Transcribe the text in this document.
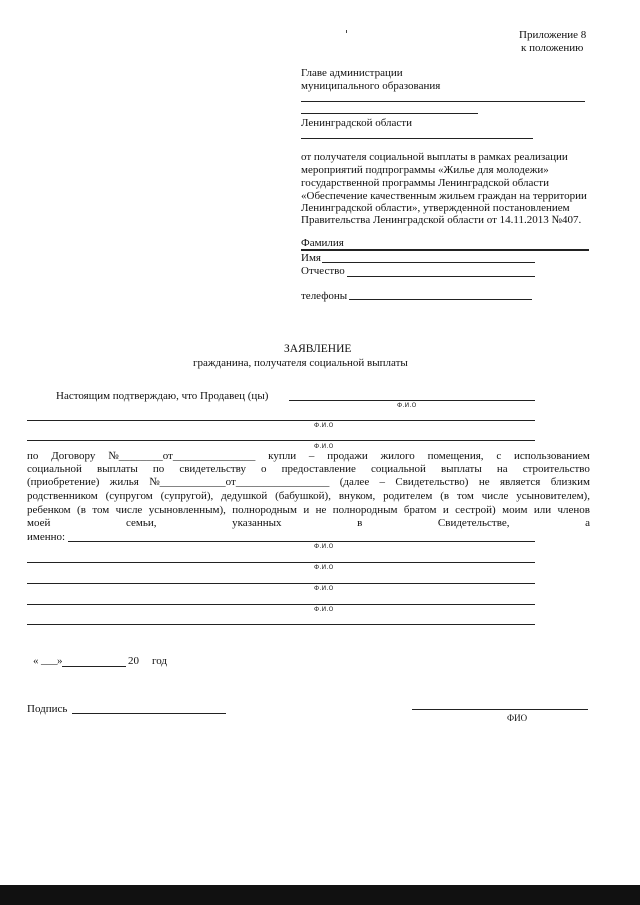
Приложение 8
к положению
Главе администрации
муниципального образования
Ленинградской области
от получателя социальной выплаты в рамках реализации
мероприятий подпрограммы «Жилье для молодежи»
государственной программы Ленинградской области
«Обеспечение качественным жильем граждан на территории
Ленинградской области», утвержденной постановлением
Правительства Ленинградской области от 14.11.2013 №407.
Фамилия
Имя
Отчество
телефоны
ЗАЯВЛЕНИЕ
гражданина, получателя социальной выплаты
Настоящим подтверждаю, что Продавец (цы)
Ф.И.О
Ф.И.О
Ф.И.О
по Договору №________от_______________ купли – продажи жилого помещения, с использованием
социальной выплаты по свидетельству о предоставление социальной выплаты на строительство
(приобретение) жилья №____________от_________________ (далее – Свидетельство) не является близким
родственником (супругом (супругой), дедушкой (бабушкой), внуком, родителем (в том числе усыновителем),
ребенком (в том числе усыновленным), полнородным и не полнородным братом и сестрой) моим или членов
моей	семьи,	указанных	в	Свидетельстве,	а
именно:
Ф.И.О
Ф.И.О
Ф.И.О
Ф.И.О
« ___ »	20 год
Подпись
ФИО
